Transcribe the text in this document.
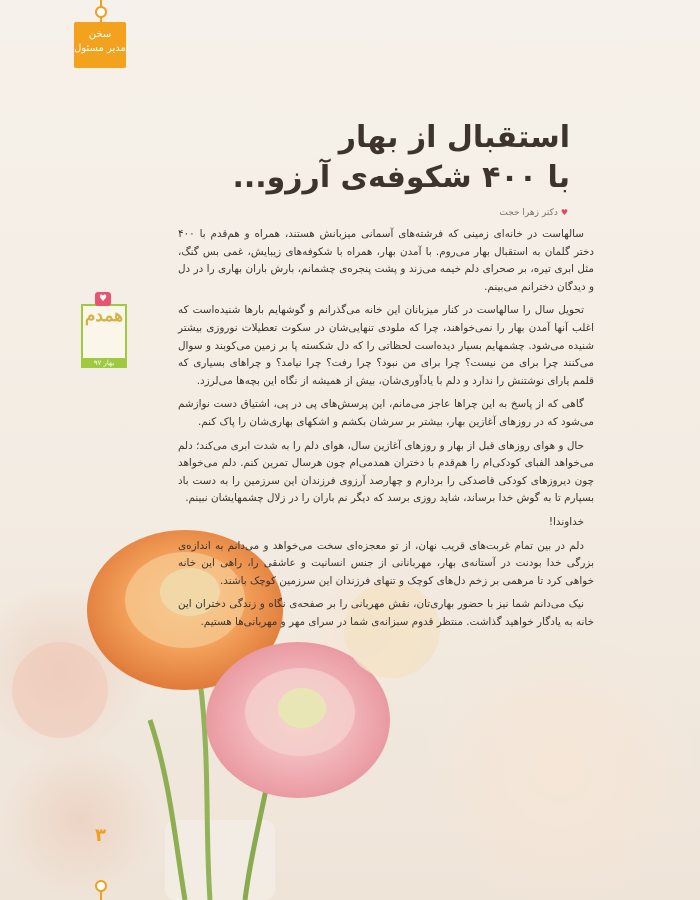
سخن
مدیر مسئول
استقبال از بهار
با ۴۰۰ شکوفه‌ی آرزو...
♥دکتر زهرا حجت
♥
همدم
بهار ۹۷

سالهاست در خانه‌ای زمینی که فرشته‌های آسمانی میزبانش هستند، همراه و هم‌قدم با ۴۰۰ دختر گلمان به استقبال بهار می‌روم. با آمدن بهار، همراه با شکوفه‌های زیبایش، غمی بس گنگ، مثل ابری تیره، بر صحرای دلم خیمه می‌زند و پشت پنجره‌ی چشمانم، بارش باران بهاری را در دل و دیدگان دخترانم می‌بینم.

تحویل سال را سالهاست در کنار میزبانان این خانه می‌گذرانم و گوشهایم بارها شنیده‌است که اغلب آنها آمدن بهار را نمی‌خواهند، چرا که ملودی تنهایی‌شان در سکوت تعطیلات نوروزی بیشتر شنیده می‌شود. چشمهایم بسیار دیده‌است لحظاتی را که دل شکسته پا بر زمین می‌کوبند و سوال می‌کنند چرا برای من نیست؟ چرا برای من نبود؟ چرا رفت؟ چرا نیامد؟ و چراهای بسیاری که قلمم یارای نوشتنش را ندارد و دلم با یادآوری‌شان، بیش از همیشه از نگاه این بچه‌ها می‌لرزد.

گاهی که از پاسخ به این چراها عاجز می‌مانم، این پرسش‌های پی در پی، اشتیاق دست نوازشم می‌شود که در روزهای آغازین بهار، بیشتر بر سرشان بکشم و اشکهای بهاری‌شان را پاک کنم.

حال و هوای روزهای قبل از بهار و روزهای آغازین سال، هوای دلم را به شدت ابری می‌کند؛ دلم می‌خواهد الفبای کودکی‌ام را هم‌قدم با دختران همدمی‌ام چون هرسال تمرین کنم. دلم می‌خواهد چون دیروزهای کودکی قاصدکی را بردارم و چهارصد آرزوی فرزندان این سرزمین را به دست باد بسپارم تا به گوش خدا برساند، شاید روزی برسد که دیگر نم باران را در زلال چشمهایشان نبینم.

خداوندا!

دلم در بین تمام غربت‌های قریب نهان، از تو معجزه‌ای سخت می‌خواهد و می‌دانم به اندازه‌ی بزرگی خدا بودنت در آستانه‌ی بهار، مهربانانی از جنس انسانیت و عاشقی را، راهی این خانه خواهی کرد تا مرهمی بر زخم دل‌های کوچک و تنهای فرزندان این سرزمین کوچک باشند.

نیک می‌دانم شما نیز با حضور بهاری‌تان، نقش مهربانی را بر صفحه‌ی نگاه و زندگی دختران این خانه به یادگار خواهید گذاشت. منتظر قدوم سبزانه‌ی شما در سرای مهر و مهربانی‌ها هستیم.

۳
